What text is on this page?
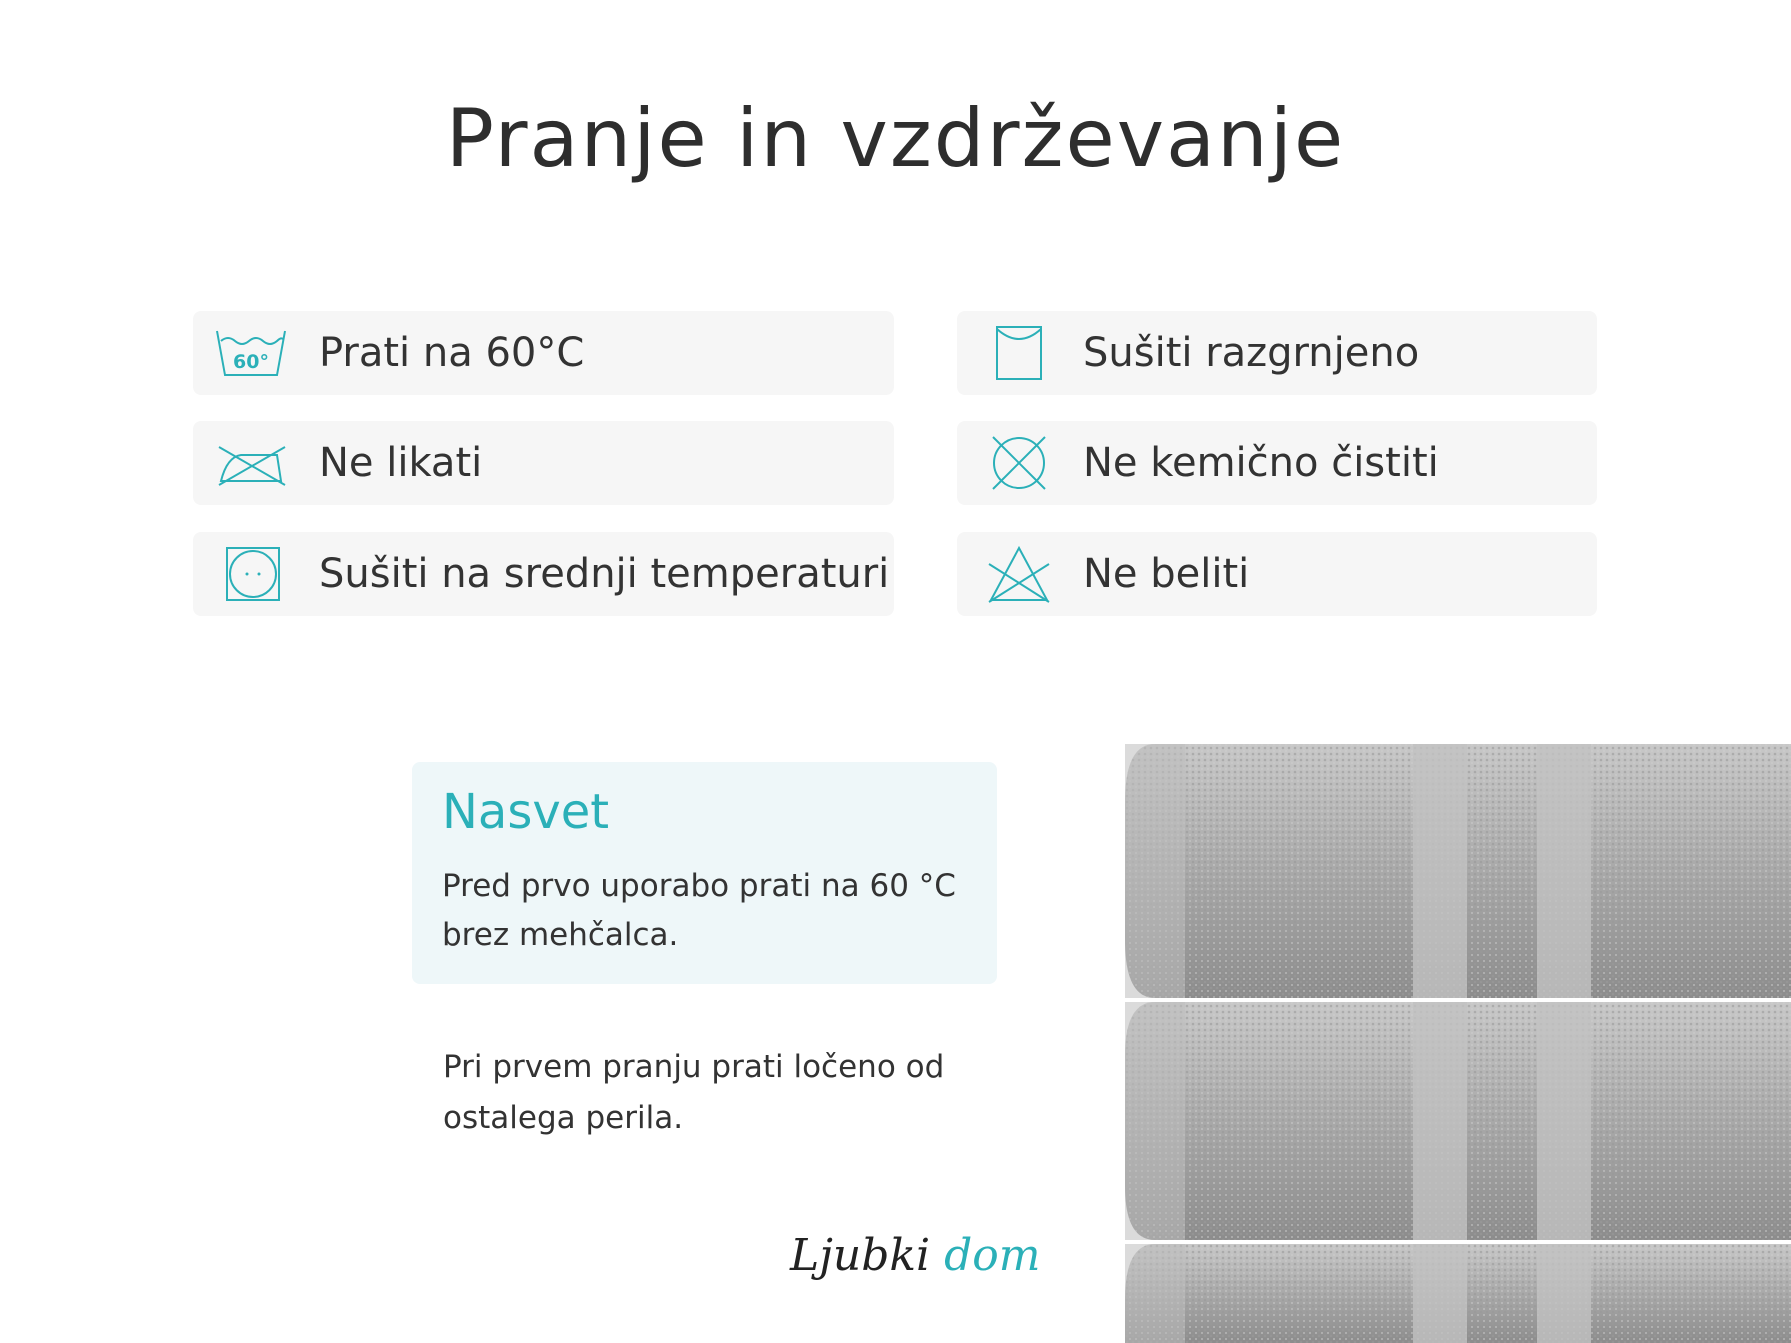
Pranje in vzdrževanje
60° Prati na 60°C
Ne likati
Sušiti na srednji temperaturi
Sušiti razgrnjeno
Ne kemično čistiti
Ne beliti
Nasvet
Pred prvo uporabo prati na 60 °C brez mehčalca.
Pri prvem pranju prati ločeno od ostalega perila.
Ljubki dom
